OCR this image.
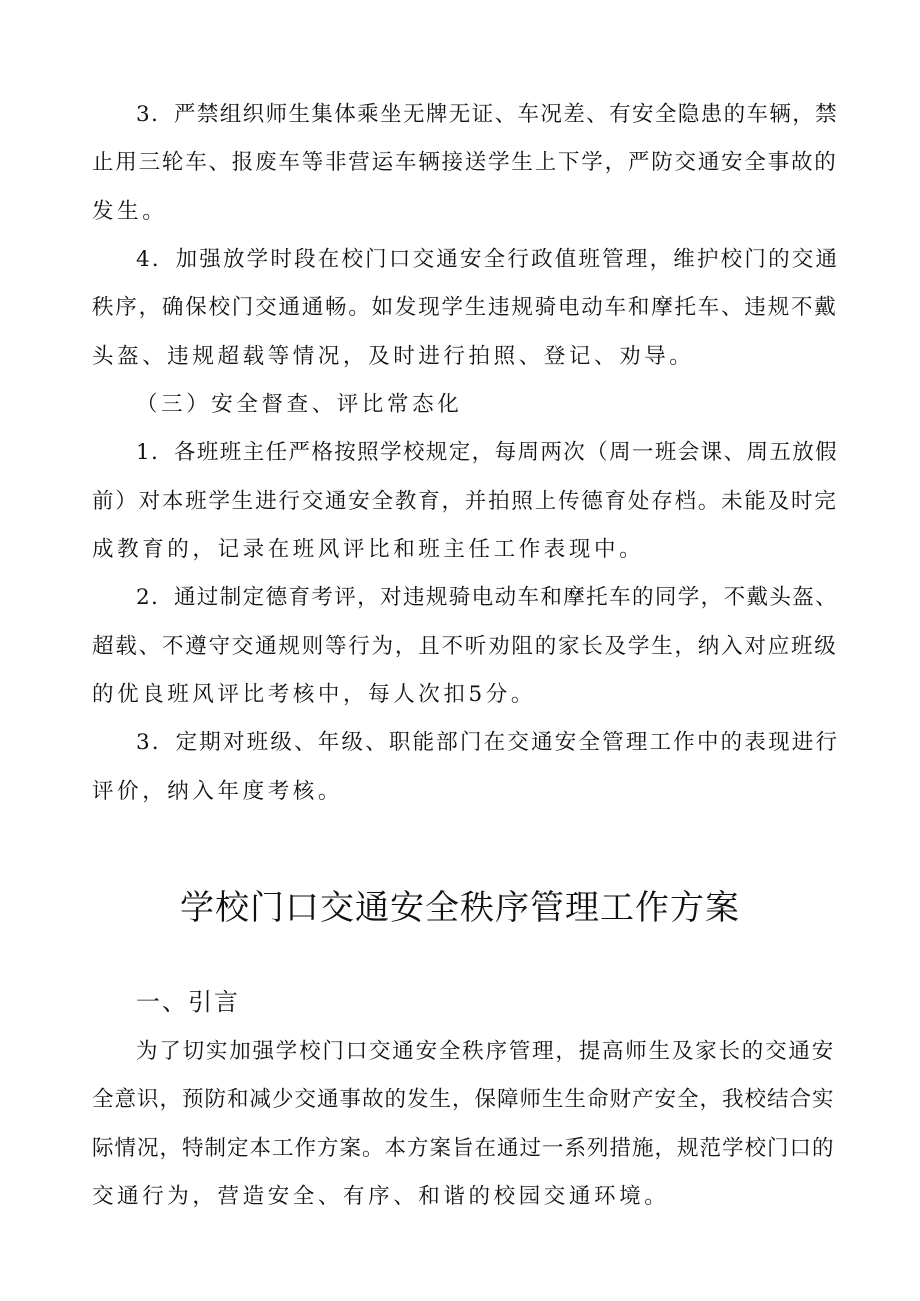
3．严禁组织师生集体乘坐无牌无证、车况差、有安全隐患的车辆，禁
止用三轮车、报废车等非营运车辆接送学生上下学，严防交通安全事故的
发生。
4．加强放学时段在校门口交通安全行政值班管理，维护校门的交通
秩序，确保校门交通通畅。如发现学生违规骑电动车和摩托车、违规不戴
头盔、违规超载等情况，及时进行拍照、登记、劝导。
（三）安全督查、评比常态化
1．各班班主任严格按照学校规定，每周两次（周一班会课、周五放假
前）对本班学生进行交通安全教育，并拍照上传德育处存档。未能及时完
成教育的，记录在班风评比和班主任工作表现中。
2．通过制定德育考评，对违规骑电动车和摩托车的同学，不戴头盔、
超载、不遵守交通规则等行为，且不听劝阻的家长及学生，纳入对应班级
的优良班风评比考核中，每人次扣5分。
3．定期对班级、年级、职能部门在交通安全管理工作中的表现进行
评价，纳入年度考核。
学校门口交通安全秩序管理工作方案
一、引言
为了切实加强学校门口交通安全秩序管理，提高师生及家长的交通安
全意识，预防和减少交通事故的发生，保障师生生命财产安全，我校结合实
际情况，特制定本工作方案。本方案旨在通过一系列措施，规范学校门口的
交通行为，营造安全、有序、和谐的校园交通环境。
